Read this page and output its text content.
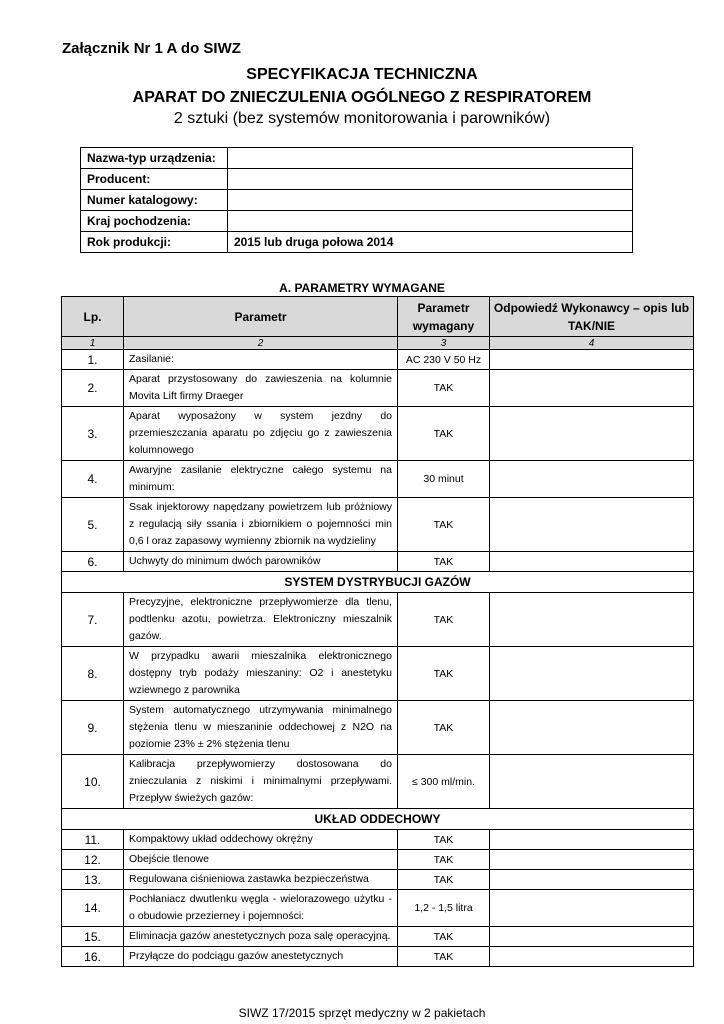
Załącznik Nr 1 A do SIWZ
SPECYFIKACJA TECHNICZNA
APARAT DO ZNIECZULENIA OGÓLNEGO Z RESPIRATOREM
2 sztuki (bez systemów monitorowania i parowników)
Nazwa-typ urządzenia:	
Producent:	
Numer katalogowy:	
Kraj pochodzenia:	
Rok produkcji:	2015 lub druga połowa 2014
A. PARAMETRY WYMAGANE
Lp.	Parametr	Parametr wymagany	Odpowiedź Wykonawcy – opis lub TAK/NIE
1	2	3	4
1.	Zasilanie:	AC 230 V 50 Hz	
2.	Aparat przystosowany do zawieszenia na kolumnie Movita Lift firmy Draeger	TAK	
3.	Aparat wyposażony w system jezdny do przemieszczania aparatu po zdjęciu go z zawieszenia kolumnowego	TAK	
4.	Awaryjne zasilanie elektryczne całego systemu na minimum:	30 minut	
5.	Ssak injektorowy napędzany powietrzem lub próżniowy z regulacją siły ssania i zbiornikiem o pojemności min 0,6 l oraz zapasowy wymienny zbiornik na wydzieliny	TAK	
6.	Uchwyty do minimum dwóch parowników	TAK	
SYSTEM DYSTRYBUCJI GAZÓW			
7.	Precyzyjne, elektroniczne przepływomierze dla tlenu, podtlenku azotu, powietrza. Elektroniczny mieszalnik gazów.	TAK	
8.	W przypadku awarii mieszalnika elektronicznego dostępny tryb podaży mieszaniny: O2 i anestetyku wziewnego z parownika	TAK	
9.	System automatycznego utrzymywania minimalnego stężenia tlenu w mieszaninie oddechowej z N2O na poziomie 23% ± 2% stężenia tlenu	TAK	
10.	Kalibracja przepływomierzy dostosowana do znieczulania z niskimi i minimalnymi przepływami. Przepływ świeżych gazów:	≤ 300 ml/min.	
UKŁAD ODDECHOWY			
11.	Kompaktowy układ oddechowy okrężny	TAK	
12.	Obejście tlenowe	TAK	
13.	Regulowana ciśnieniowa zastawka bezpieczeństwa	TAK	
14.	Pochłaniacz dwutlenku węgla - wielorazowego użytku - o obudowie przezierney i pojemności:	1,2 - 1,5 litra	
15.	Eliminacja gazów anestetycznych poza salę operacyjną.	TAK	
16.	Przyłącze do podciągu gazów anestetycznych	TAK	
SIWZ 17/2015 sprzęt medyczny w 2 pakietach
